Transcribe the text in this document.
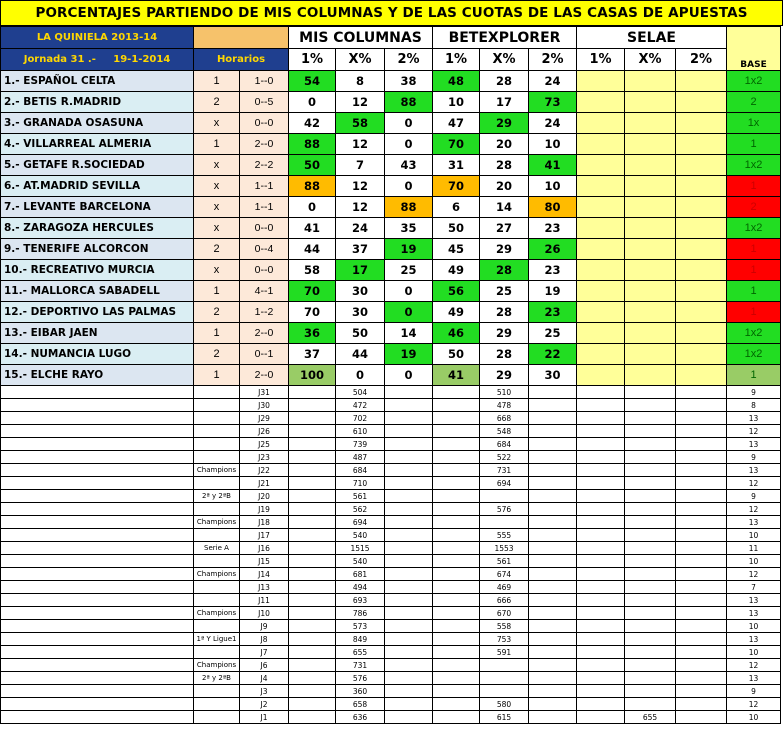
PORCENTAJES PARTIENDO DE MIS COLUMNAS Y DE LAS CUOTAS DE LAS CASAS DE APUESTAS
LA QUINIELA 2013-14			MIS COLUMNAS			BETEXPLORER			SELAE			BASE
Jornada 31 .- 19-1-2014	Horarios		1%	X%	2%	1%	X%	2%	1%	X%	2%	
1.- ESPAÑOL CELTA	1	1--0	54	8	38	48	28	24				1x2
2.- BETIS R.MADRID	2	0--5	0	12	88	10	17	73				2
3.- GRANADA OSASUNA	x	0--0	42	58	0	47	29	24				1x
4.- VILLARREAL ALMERIA	1	2--0	88	12	0	70	20	10				1
5.- GETAFE R.SOCIEDAD	x	2--2	50	7	43	31	28	41				1x2
6.- AT.MADRID SEVILLA	x	1--1	88	12	0	70	20	10				1
7.- LEVANTE BARCELONA	x	1--1	0	12	88	6	14	80				2
8.- ZARAGOZA HERCULES	x	0--0	41	24	35	50	27	23				1x2
9.- TENERIFE ALCORCON	2	0--4	44	37	19	45	29	26				1
10.- RECREATIVO MURCIA	x	0--0	58	17	25	49	28	23				1
11.- MALLORCA SABADELL	1	4--1	70	30	0	56	25	19				1
12.- DEPORTIVO LAS PALMAS	2	1--2	70	30	0	49	28	23				1
13.- EIBAR JAEN	1	2--0	36	50	14	46	29	25				1x2
14.- NUMANCIA LUGO	2	0--1	37	44	19	50	28	22				1x2
15.- ELCHE RAYO	1	2--0	100	0	0	41	29	30				1
		J31		504			510					9
		J30		472			478					8
		J29		702			668					13
		J26		610			548					12
		J25		739			684					13
		J23		487			522					9
	Champions	J22		684			731					13
		J21		710			694					12
	2ª y 2ªB	J20		561								9
		J19		562			576					12
	Champions	J18		694								13
		J17		540			555					10
	Serie A	J16		1515			1553					11
		J15		540			561					10
	Champions	J14		681			674					12
		J13		494			469					7
		J11		693			666					13
	Champions	J10		786			670					13
		J9		573			558					10
	1ª Y Ligue1	J8		849			753					13
		J7		655			591					10
	Champions	J6		731								12
	2ª y 2ªB	J4		576								13
		J3		360								9
		J2		658			580					12
		J1		636			615			655		10
